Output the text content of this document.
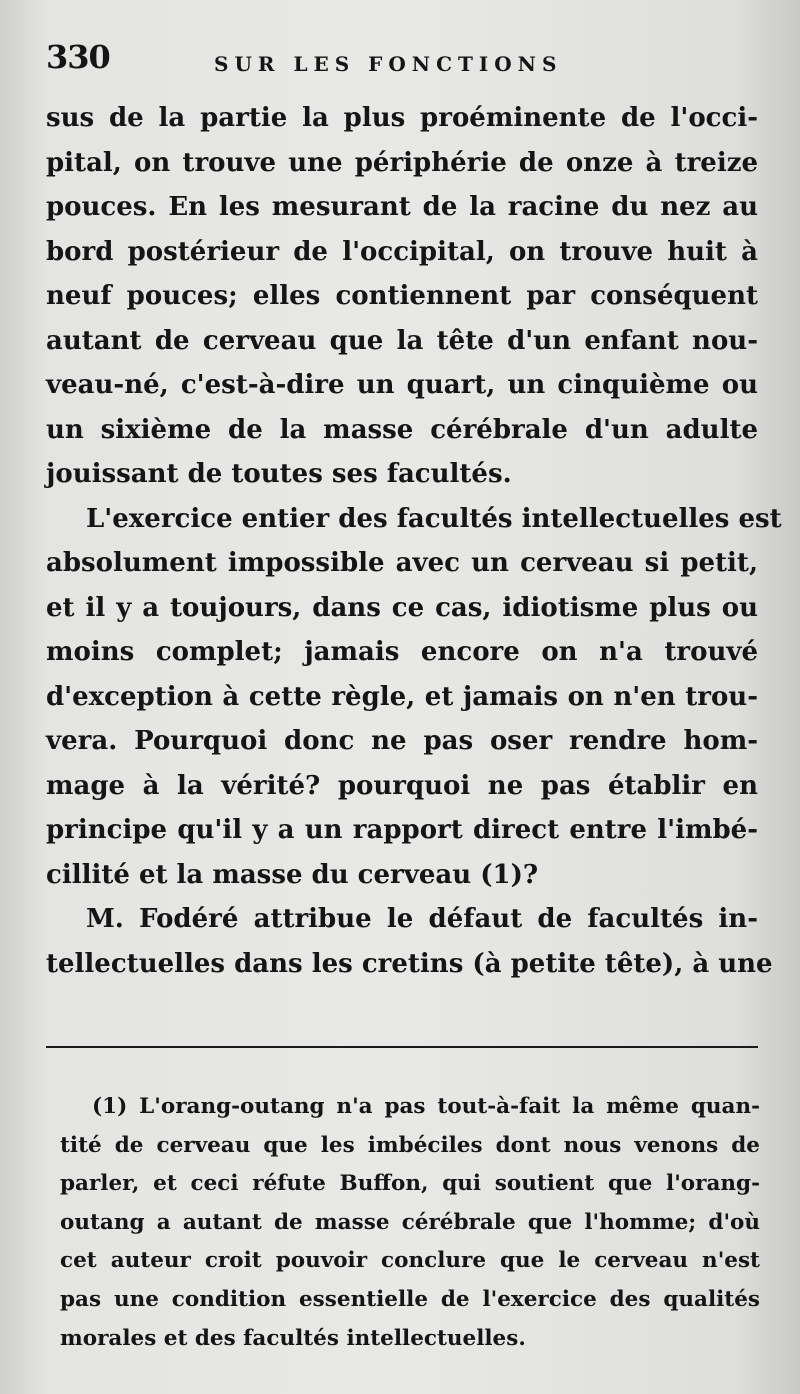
330	SUR LES FONCTIONS
sus de la partie la plus proéminente de l'occi-
pital, on trouve une périphérie de onze à treize
pouces. En les mesurant de la racine du nez au
bord postérieur de l'occipital, on trouve huit à
neuf pouces; elles contiennent par conséquent
autant de cerveau que la tête d'un enfant nou-
veau-né, c'est-à-dire un quart, un cinquième ou
un sixième de la masse cérébrale d'un adulte
jouissant de toutes ses facultés.
L'exercice entier des facultés intellectuelles est
absolument impossible avec un cerveau si petit,
et il y a toujours, dans ce cas, idiotisme plus ou
moins complet; jamais encore on n'a trouvé
d'exception à cette règle, et jamais on n'en trou-
vera. Pourquoi donc ne pas oser rendre hom-
mage à la vérité? pourquoi ne pas établir en
principe qu'il y a un rapport direct entre l'imbé-
cillité et la masse du cerveau (1)?
M. Fodéré attribue le défaut de facultés in-
tellectuelles dans les cretins (à petite tête), à une
(1) L'orang-outang n'a pas tout-à-fait la même quan-
tité de cerveau que les imbéciles dont nous venons de
parler, et ceci réfute Buffon, qui soutient que l'orang-
outang a autant de masse cérébrale que l'homme; d'où
cet auteur croit pouvoir conclure que le cerveau n'est
pas une condition essentielle de l'exercice des qualités
morales et des facultés intellectuelles.
